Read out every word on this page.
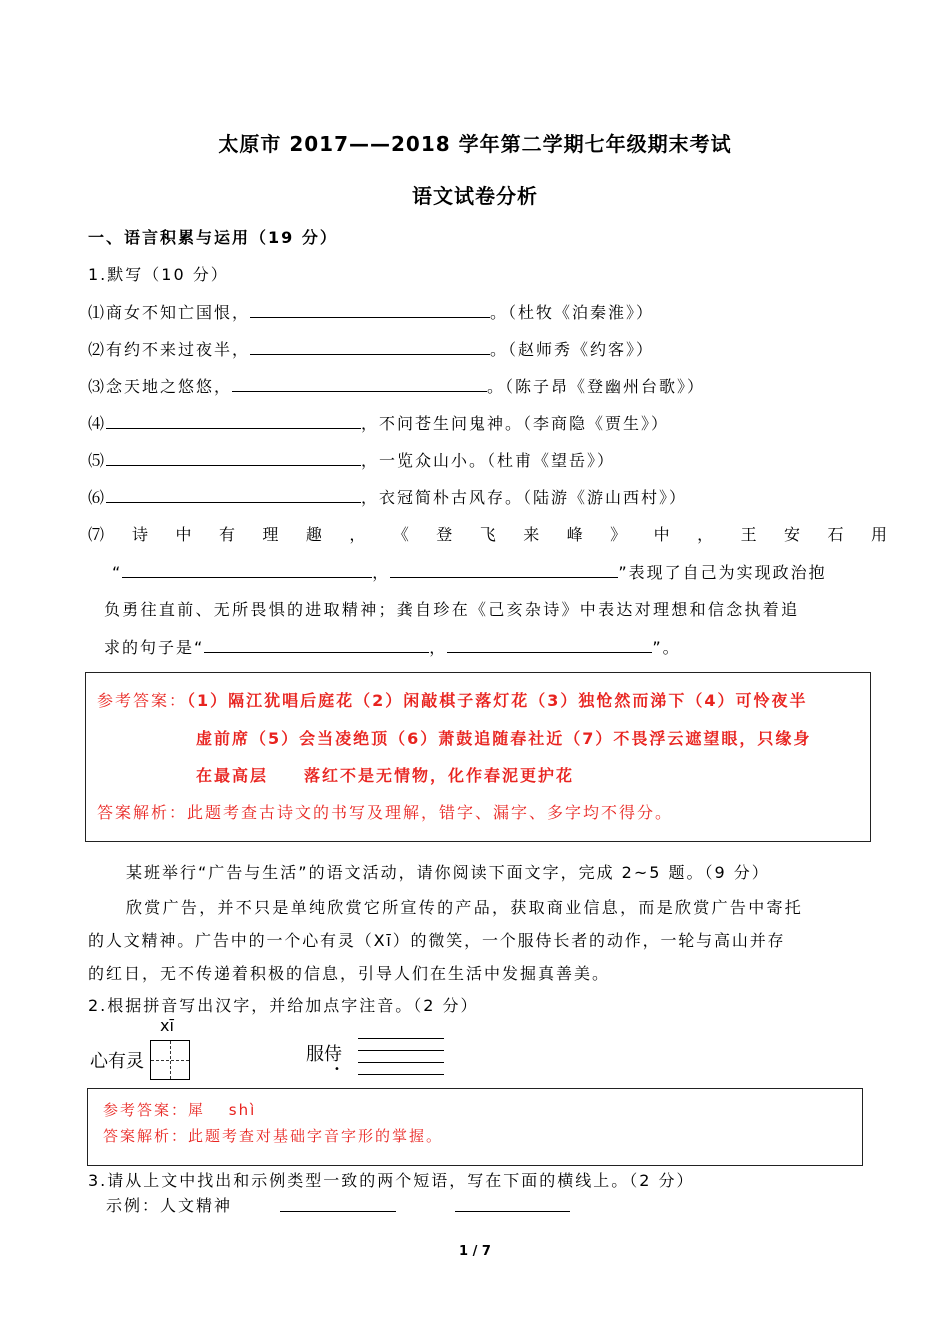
太原市 2017——2018 学年第二学期七年级期末考试
语文试卷分析
一、语言积累与运用（19 分）
1.默写（10 分）
⑴商女不知亡国恨，	。（杜牧《泊秦淮》）
⑵有约不来过夜半，	。（赵师秀《约客》）
⑶念天地之悠悠，	。（陈子昂《登幽州台歌》）
⑷	，不问苍生问鬼神。（李商隐《贾生》）
⑸	，一览众山小。（杜甫《望岳》）
⑹	，衣冠简朴古风存。（陆游《游山西村》）
⑺ 诗 中 有 理 趣 ， 《 登 飞 来 峰 》 中 ， 王 安 石 用
“	，	”表现了自己为实现政治抱
负勇往直前、无所畏惧的进取精神；龚自珍在《己亥杂诗》中表达对理想和信念执着追
求的句子是“	，	”。
参考答案：（1）隔江犹唱后庭花（2）闲敲棋子落灯花（3）独怆然而涕下（4）可怜夜半
虚前席（5）会当凌绝顶（6）萧鼓追随春社近（7）不畏浮云遮望眼，只缘身
在最高层　　落红不是无情物，化作春泥更护花
答案解析：此题考查古诗文的书写及理解，错字、漏字、多字均不得分。
某班举行“广告与生活”的语文活动，请你阅读下面文字，完成 2~5 题。（9 分）
欣赏广告，并不只是单纯欣赏它所宣传的产品，获取商业信息，而是欣赏广告中寄托
的人文精神。广告中的一个心有灵（Xī）的微笑，一个服侍长者的动作，一轮与高山并存
的红日，无不传递着积极的信息，引导人们在生活中发掘真善美。
2.根据拼音写出汉字，并给加点字注音。（2 分）
xī
心有灵	服侍
•
参考答案：犀　 shì
答案解析：此题考查对基础字音字形的掌握。
3.请从上文中找出和示例类型一致的两个短语，写在下面的横线上。（2 分）
示例：人文精神
1 / 7
